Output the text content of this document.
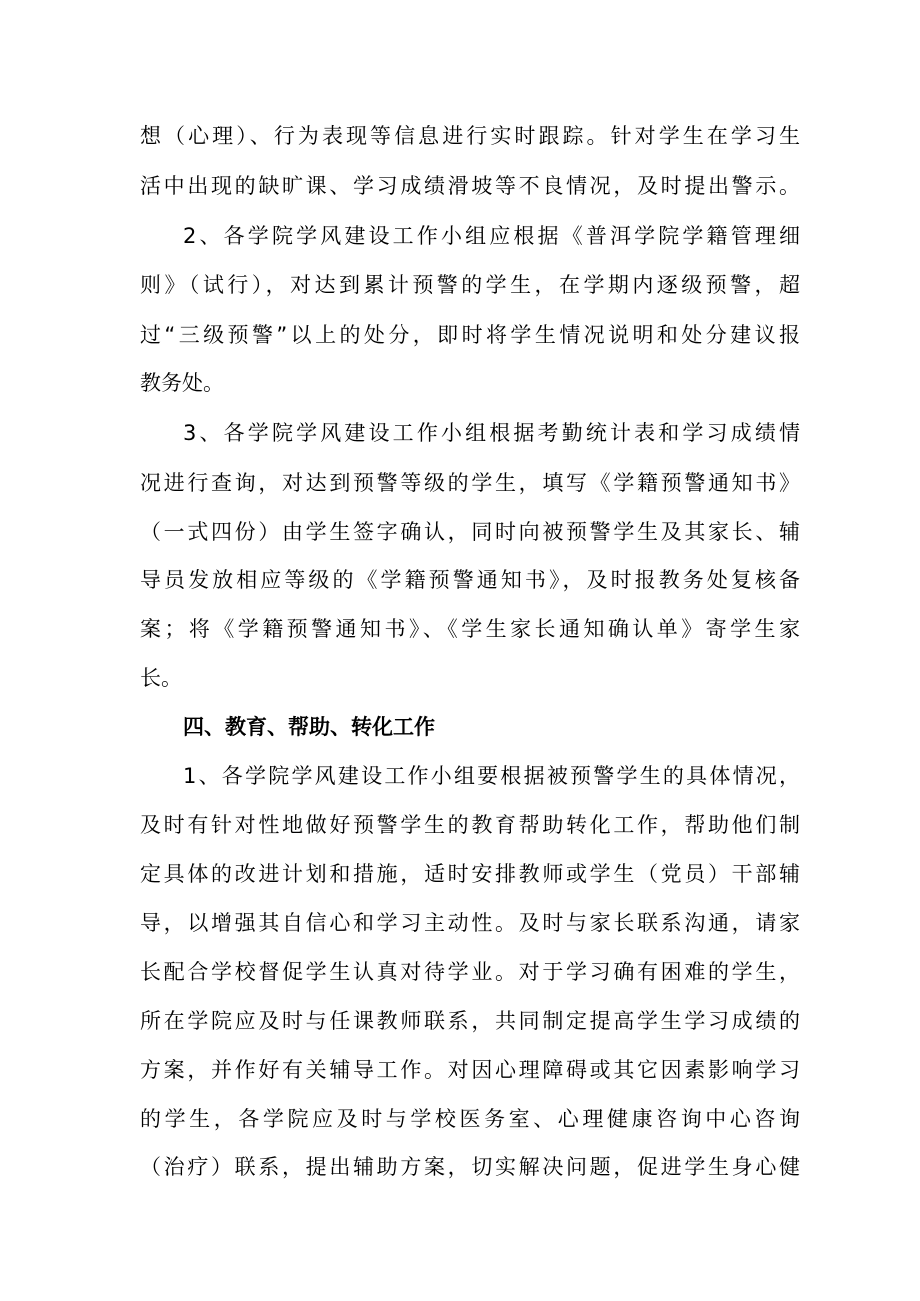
想（心理）、行为表现等信息进行实时跟踪。针对学生在学习生
活中出现的缺旷课、学习成绩滑坡等不良情况，及时提出警示。
2、各学院学风建设工作小组应根据《普洱学院学籍管理细
则》（试行），对达到累计预警的学生，在学期内逐级预警，超
过“三级预警”以上的处分，即时将学生情况说明和处分建议报
教务处。
3、各学院学风建设工作小组根据考勤统计表和学习成绩情
况进行查询，对达到预警等级的学生，填写《学籍预警通知书》
（一式四份）由学生签字确认，同时向被预警学生及其家长、辅
导员发放相应等级的《学籍预警通知书》，及时报教务处复核备
案；将《学籍预警通知书》、《学生家长通知确认单》寄学生家
长。
四、教育、帮助、转化工作
1、各学院学风建设工作小组要根据被预警学生的具体情况，
及时有针对性地做好预警学生的教育帮助转化工作，帮助他们制
定具体的改进计划和措施，适时安排教师或学生（党员）干部辅
导，以增强其自信心和学习主动性。及时与家长联系沟通，请家
长配合学校督促学生认真对待学业。对于学习确有困难的学生，
所在学院应及时与任课教师联系，共同制定提高学生学习成绩的
方案，并作好有关辅导工作。对因心理障碍或其它因素影响学习
的学生，各学院应及时与学校医务室、心理健康咨询中心咨询
（治疗）联系，提出辅助方案，切实解决问题，促进学生身心健
